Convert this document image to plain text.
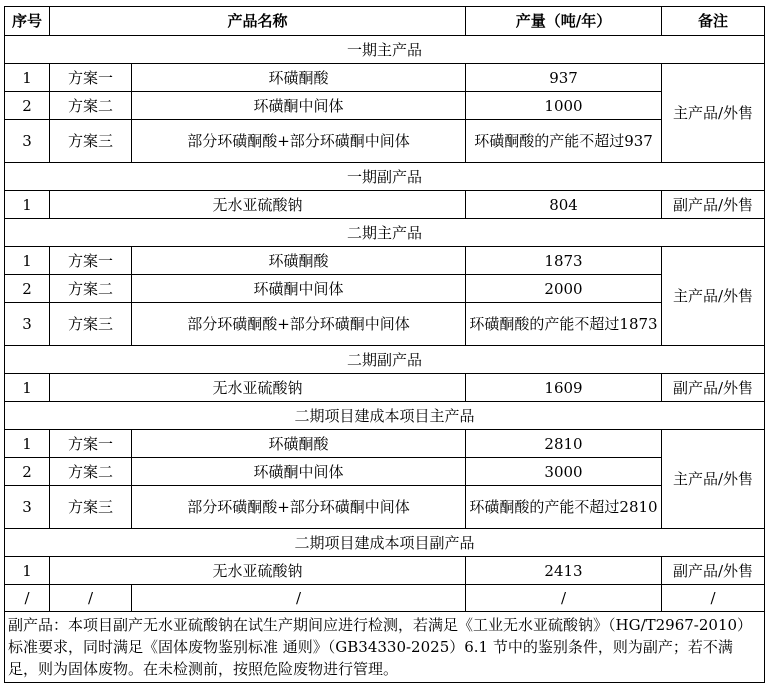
序号	产品名称		产量（吨/年）	备注
一期主产品				
1	方案一	环磺酮酸	937	主产品/外售
2	方案二	环磺酮中间体	1000	
3	方案三	部分环磺酮酸+部分环磺酮中间体	环磺酮酸的产能不超过937	
一期副产品				
1	无水亚硫酸钠		804	副产品/外售
二期主产品				
1	方案一	环磺酮酸	1873	主产品/外售
2	方案二	环磺酮中间体	2000	
3	方案三	部分环磺酮酸+部分环磺酮中间体	环磺酮酸的产能不超过1873	
二期副产品				
1	无水亚硫酸钠		1609	副产品/外售
二期项目建成本项目主产品				
1	方案一	环磺酮酸	2810	主产品/外售
2	方案二	环磺酮中间体	3000	
3	方案三	部分环磺酮酸+部分环磺酮中间体	环磺酮酸的产能不超过2810	
二期项目建成本项目副产品				
1	无水亚硫酸钠		2413	副产品/外售
/	/	/	/	/
副产品：本项目副产无水亚硫酸钠在试生产期间应进行检测，若满足《工业无水亚硫酸钠》（HG/T2967-2010）标准要求，同时满足《固体废物鉴别标准 通则》（GB34330-2025）6.1 节中的鉴别条件，则为副产；若不满足，则为固体废物。在未检测前，按照危险废物进行管理。				
